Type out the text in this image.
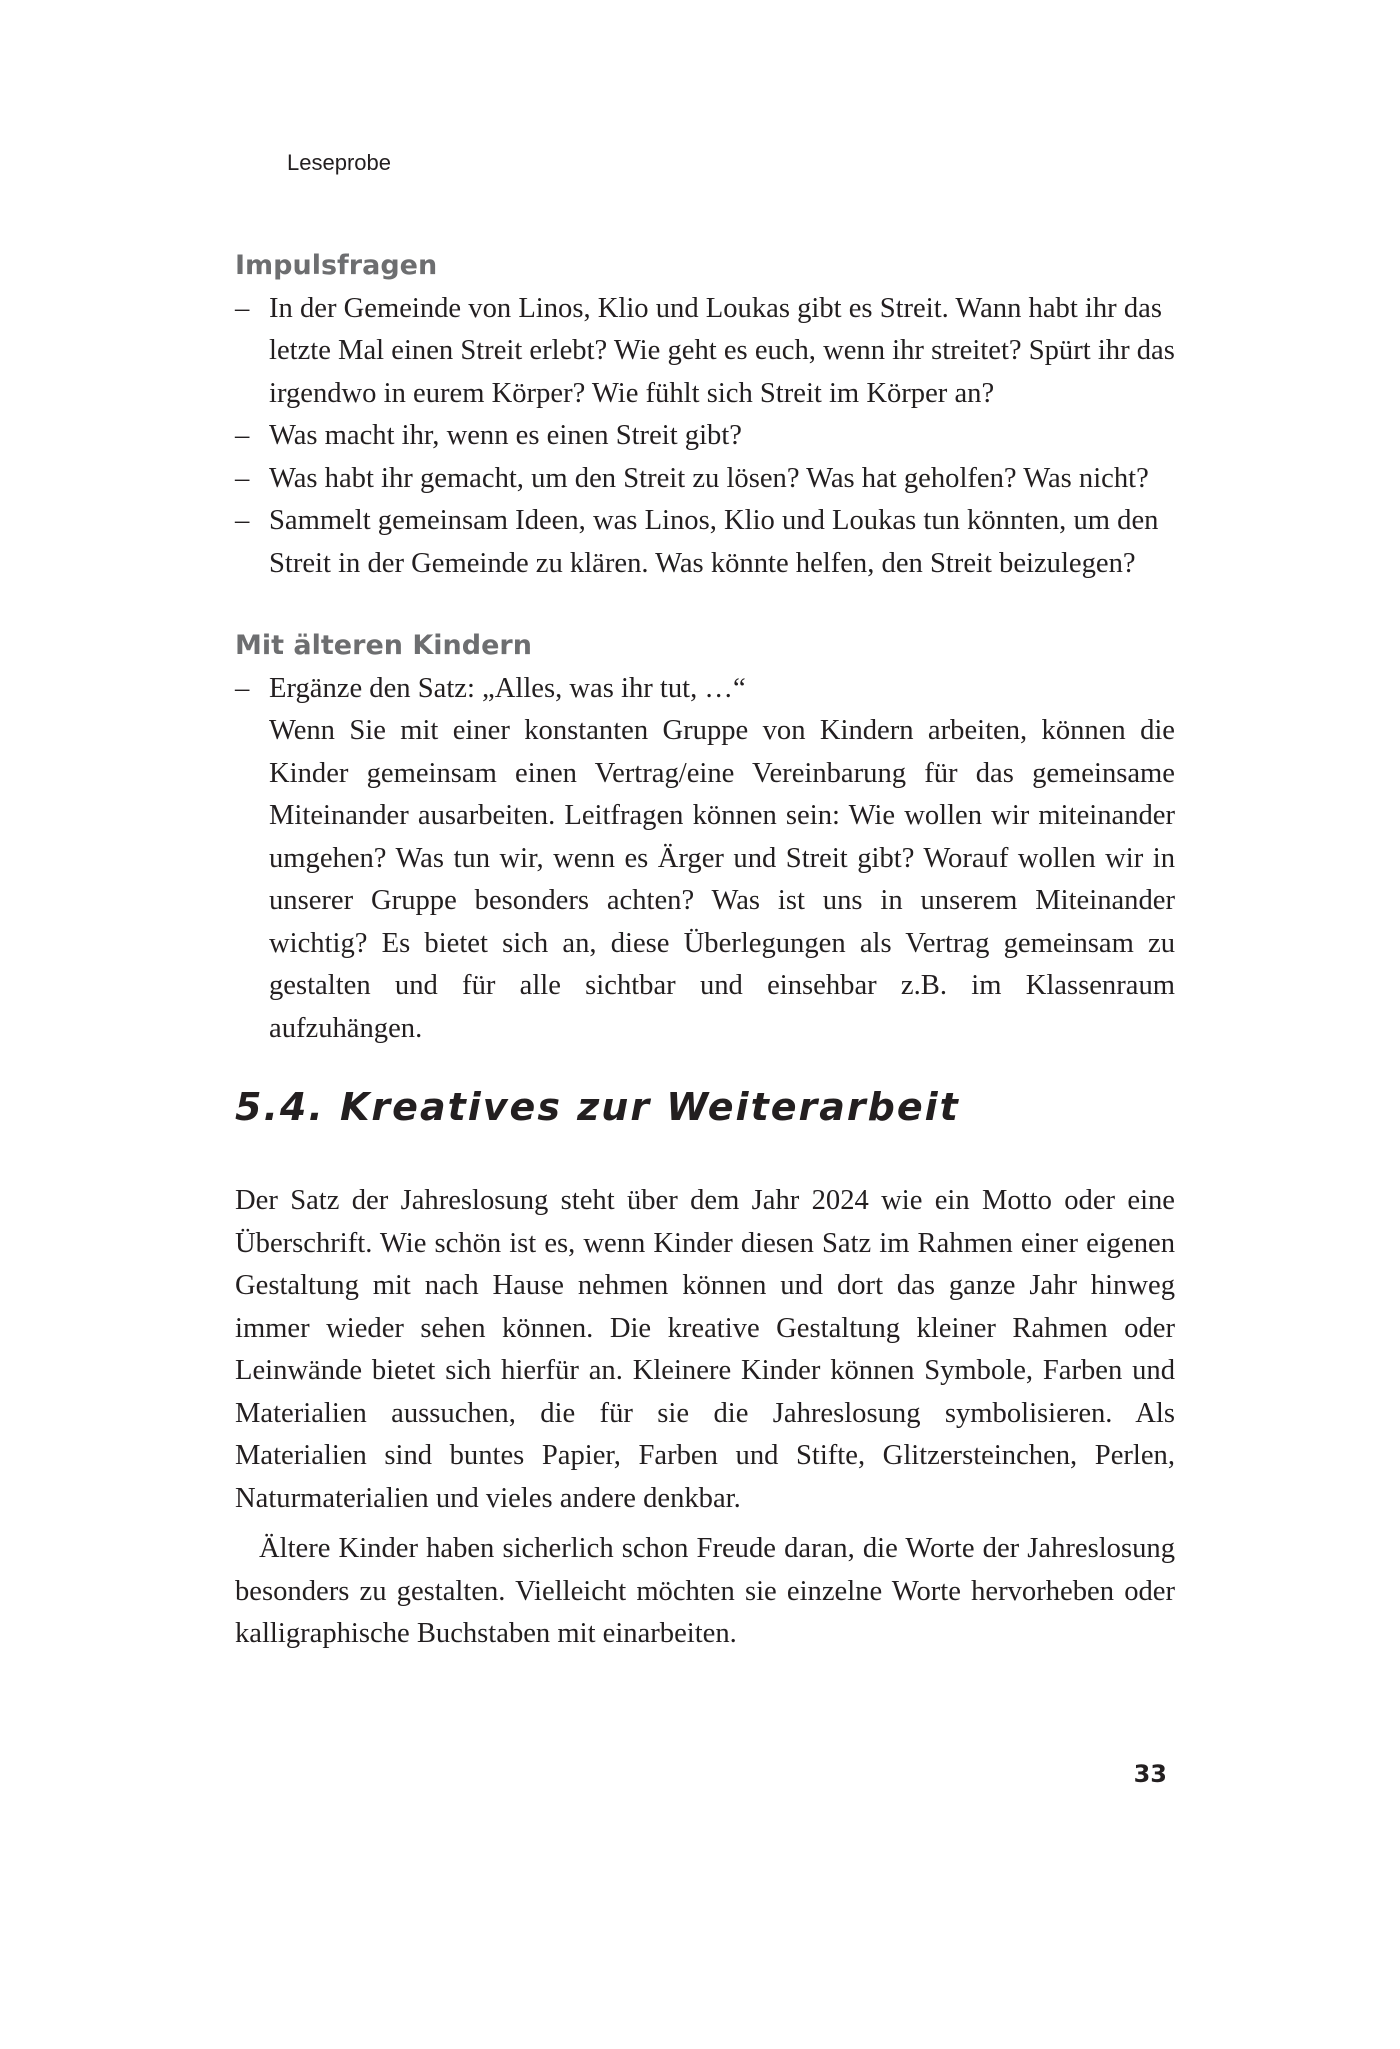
Leseprobe
Impulsfragen
– In der Gemeinde von Linos, Klio und Loukas gibt es Streit. Wann habt ihr das letzte Mal einen Streit erlebt? Wie geht es euch, wenn ihr streitet? Spürt ihr das irgendwo in eurem Körper? Wie fühlt sich Streit im Körper an?
– Was macht ihr, wenn es einen Streit gibt?
– Was habt ihr gemacht, um den Streit zu lösen? Was hat geholfen? Was nicht?
– Sammelt gemeinsam Ideen, was Linos, Klio und Loukas tun könnten, um den Streit in der Gemeinde zu klären. Was könnte helfen, den Streit beizulegen?
Mit älteren Kindern
– Ergänze den Satz: „Alles, was ihr tut, …“

Wenn Sie mit einer konstanten Gruppe von Kindern arbeiten, können die Kinder gemeinsam einen Vertrag/eine Vereinbarung für das gemeinsame Miteinander ausarbeiten. Leitfragen können sein: Wie wollen wir miteinander umgehen? Was tun wir, wenn es Ärger und Streit gibt? Worauf wollen wir in unserer Gruppe besonders achten? Was ist uns in unserem Miteinander wichtig? Es bietet sich an, diese Überlegungen als Vertrag gemeinsam zu gestalten und für alle sichtbar und einsehbar z.B. im Klassenraum aufzuhängen.

5.4. Kreatives zur Weiterarbeit

Der Satz der Jahreslosung steht über dem Jahr 2024 wie ein Motto oder eine Überschrift. Wie schön ist es, wenn Kinder diesen Satz im Rahmen einer eigenen Gestaltung mit nach Hause nehmen können und dort das ganze Jahr hinweg immer wieder sehen können. Die kreative Gestaltung kleiner Rahmen oder Leinwände bietet sich hierfür an. Kleinere Kinder können Symbole, Farben und Materialien aussuchen, die für sie die Jahreslosung symbolisieren. Als Materialien sind buntes Papier, Farben und Stifte, Glitzersteinchen, Perlen, Naturmaterialien und vieles andere denkbar.

Ältere Kinder haben sicherlich schon Freude daran, die Worte der Jahreslosung besonders zu gestalten. Vielleicht möchten sie einzelne Worte hervorheben oder kalligraphische Buchstaben mit einarbeiten.

33
